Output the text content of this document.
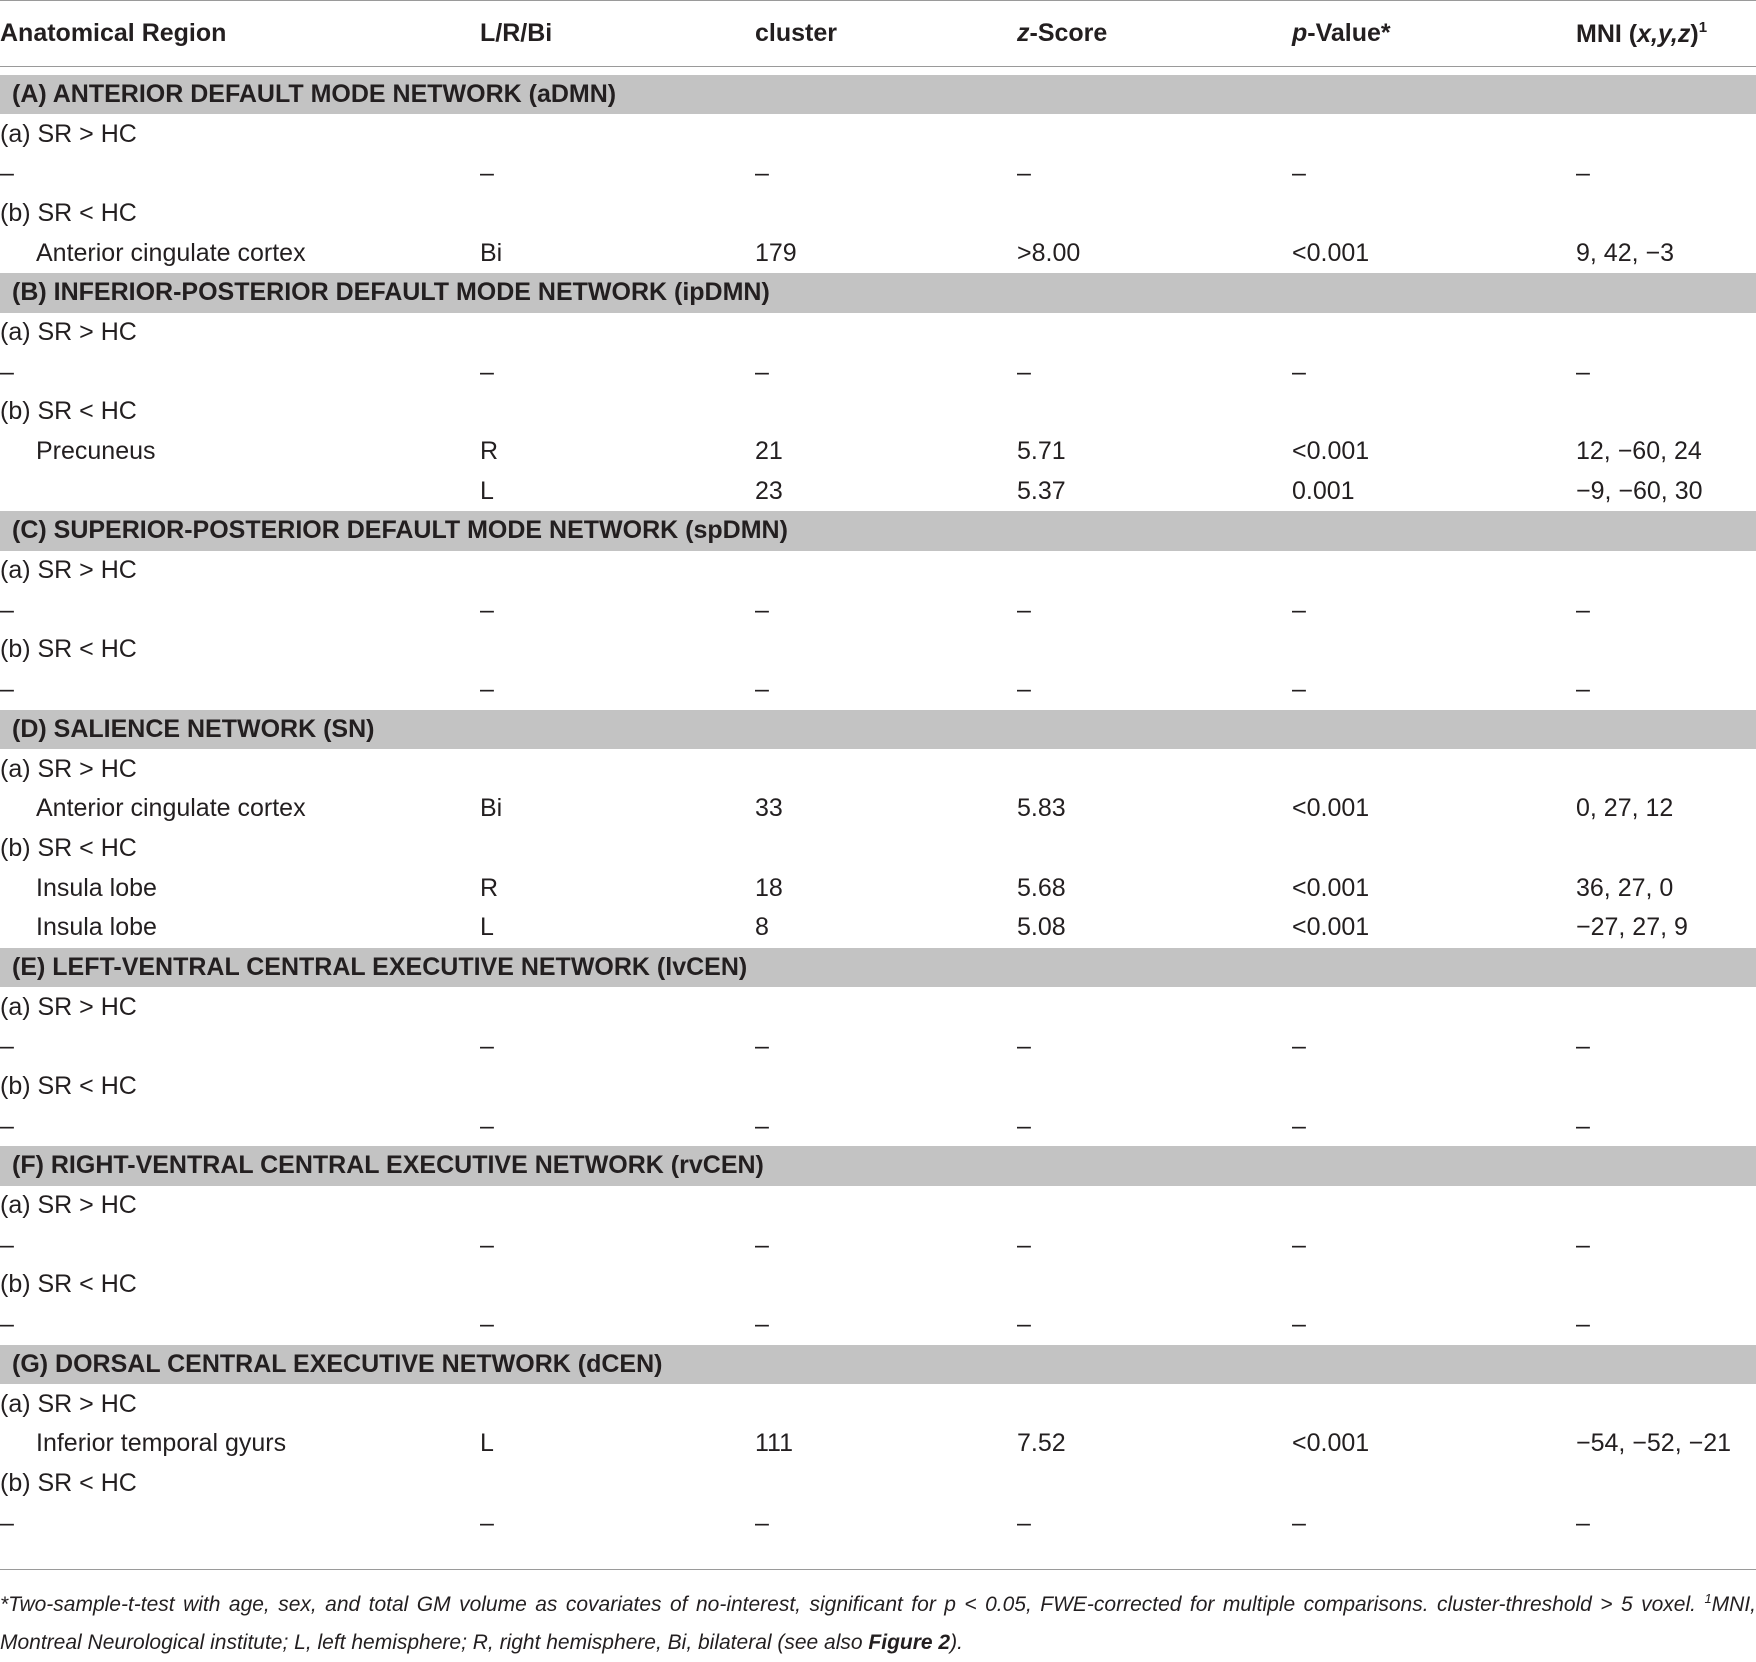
Anatomical Region	L/R/Bi	cluster	z-Score	p-Value*	MNI $(x,y,z)^1$

(A) ANTERIOR DEFAULT MODE NETWORK (aDMN)					
(a) SR > HC					
–	–	–	–	–	–
(b) SR < HC					
Anterior cingulate cortex	Bi	179	>8.00	<0.001	9, 42, −3
(B) INFERIOR-POSTERIOR DEFAULT MODE NETWORK (ipDMN)					
(a) SR > HC					
–	–	–	–	–	–
(b) SR < HC					
Precuneus	R	21	5.71	<0.001	12, −60, 24
	L	23	5.37	0.001	−9, −60, 30
(C) SUPERIOR-POSTERIOR DEFAULT MODE NETWORK (spDMN)					
(a) SR > HC					
–	–	–	–	–	–
(b) SR < HC					
–	–	–	–	–	–
(D) SALIENCE NETWORK (SN)					
(a) SR > HC					
Anterior cingulate cortex	Bi	33	5.83	<0.001	0, 27, 12
(b) SR < HC					
Insula lobe	R	18	5.68	<0.001	36, 27, 0
Insula lobe	L	8	5.08	<0.001	−27, 27, 9
(E) LEFT-VENTRAL CENTRAL EXECUTIVE NETWORK (lvCEN)					
(a) SR > HC					
–	–	–	–	–	–
(b) SR < HC					
–	–	–	–	–	–
(F) RIGHT-VENTRAL CENTRAL EXECUTIVE NETWORK (rvCEN)					
(a) SR > HC					
–	–	–	–	–	–
(b) SR < HC					
–	–	–	–	–	–
(G) DORSAL CENTRAL EXECUTIVE NETWORK (dCEN)					
(a) SR > HC					
Inferior temporal gyurs	L	111	7.52	<0.001	−54, −52, −21
(b) SR < HC					
–	–	–	–	–	–

*Two-sample-t-test with age, sex, and total GM volume as covariates of no-interest, significant for p < 0.05, FWE-corrected for multiple comparisons. cluster-threshold > 5 voxel. $^1$MNI, Montreal Neurological institute; L, left hemisphere; R, right hemisphere, Bi, bilateral (see also Figure 2).
